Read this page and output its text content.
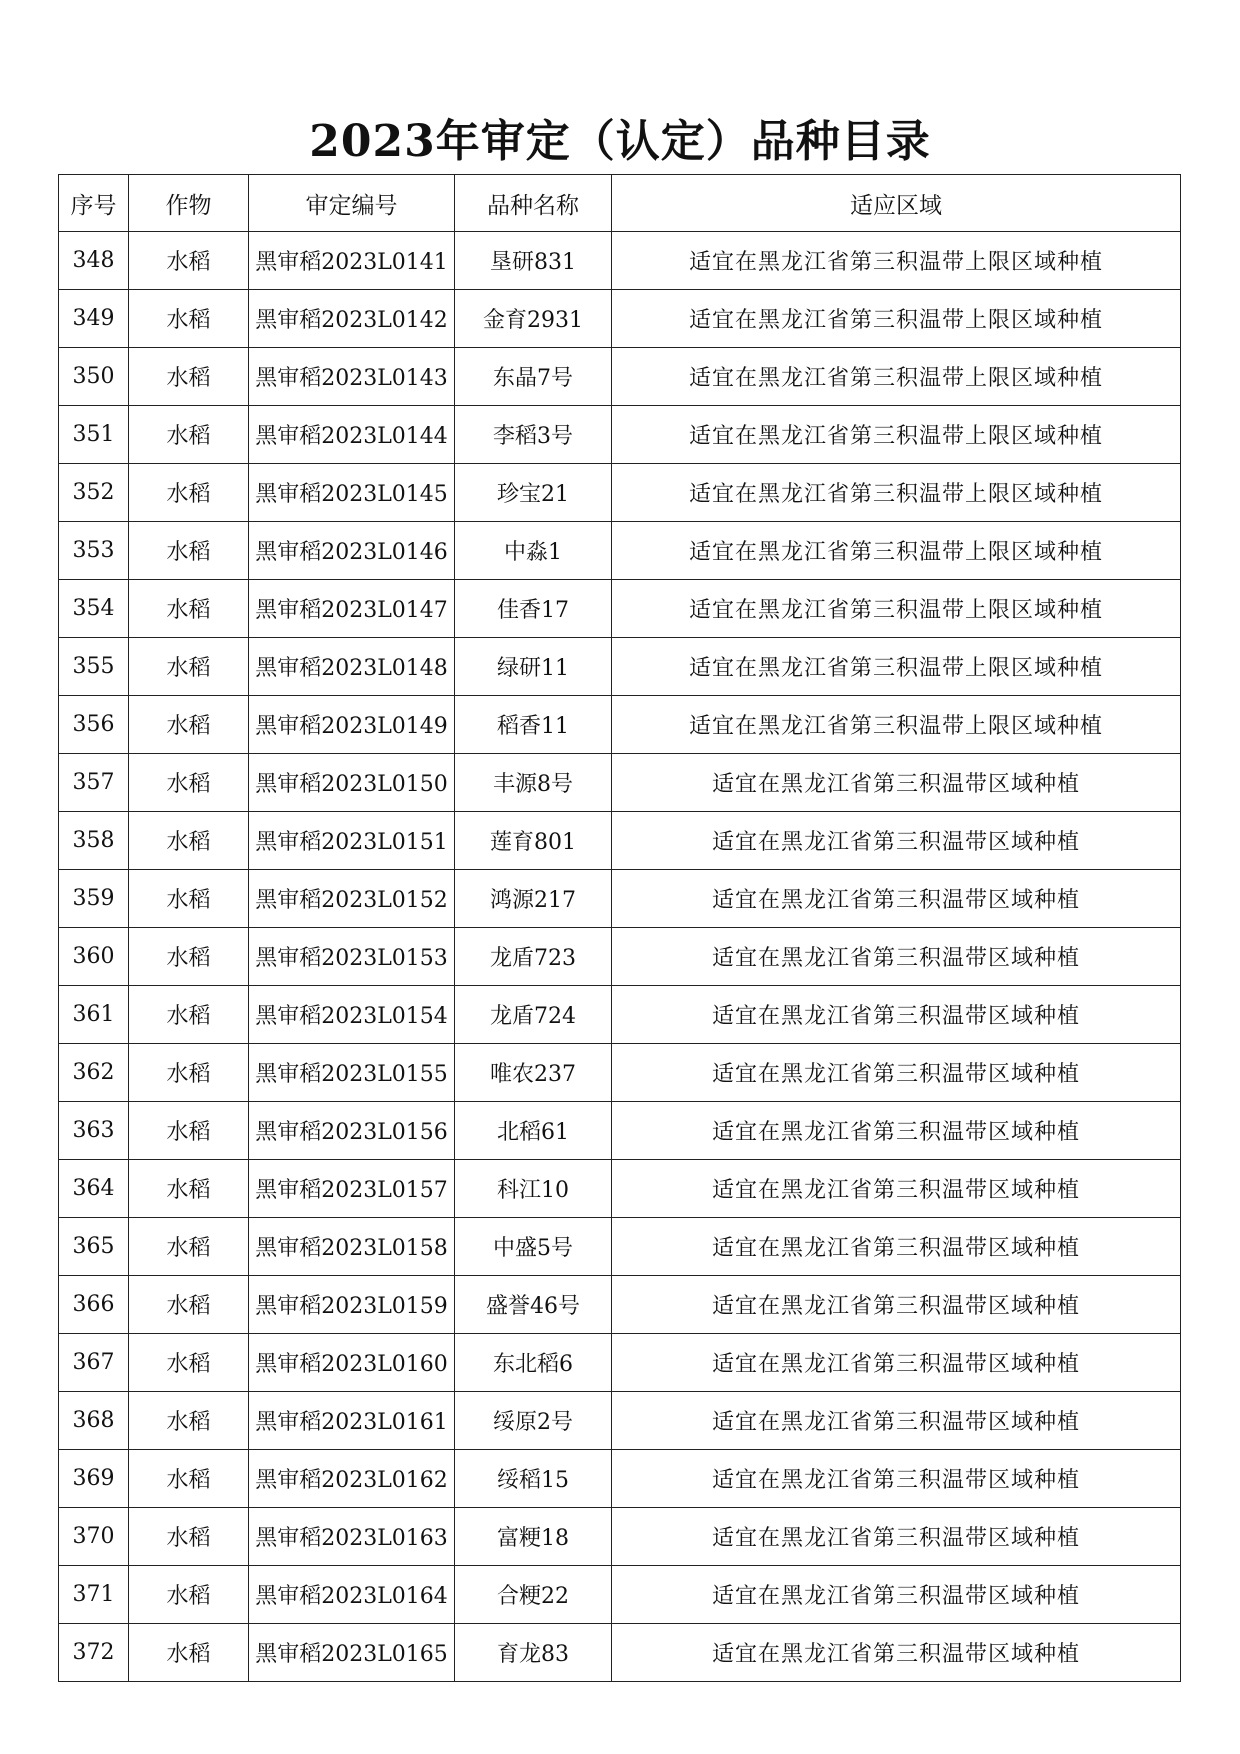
2023年审定（认定）品种目录
序号	作物	审定编号	品种名称	适应区域
348	水稻	黑审稻2023L0141	垦研831	适宜在黑龙江省第三积温带上限区域种植
349	水稻	黑审稻2023L0142	金育2931	适宜在黑龙江省第三积温带上限区域种植
350	水稻	黑审稻2023L0143	东晶7号	适宜在黑龙江省第三积温带上限区域种植
351	水稻	黑审稻2023L0144	李稻3号	适宜在黑龙江省第三积温带上限区域种植
352	水稻	黑审稻2023L0145	珍宝21	适宜在黑龙江省第三积温带上限区域种植
353	水稻	黑审稻2023L0146	中淼1	适宜在黑龙江省第三积温带上限区域种植
354	水稻	黑审稻2023L0147	佳香17	适宜在黑龙江省第三积温带上限区域种植
355	水稻	黑审稻2023L0148	绿研11	适宜在黑龙江省第三积温带上限区域种植
356	水稻	黑审稻2023L0149	稻香11	适宜在黑龙江省第三积温带上限区域种植
357	水稻	黑审稻2023L0150	丰源8号	适宜在黑龙江省第三积温带区域种植
358	水稻	黑审稻2023L0151	莲育801	适宜在黑龙江省第三积温带区域种植
359	水稻	黑审稻2023L0152	鸿源217	适宜在黑龙江省第三积温带区域种植
360	水稻	黑审稻2023L0153	龙盾723	适宜在黑龙江省第三积温带区域种植
361	水稻	黑审稻2023L0154	龙盾724	适宜在黑龙江省第三积温带区域种植
362	水稻	黑审稻2023L0155	唯农237	适宜在黑龙江省第三积温带区域种植
363	水稻	黑审稻2023L0156	北稻61	适宜在黑龙江省第三积温带区域种植
364	水稻	黑审稻2023L0157	科江10	适宜在黑龙江省第三积温带区域种植
365	水稻	黑审稻2023L0158	中盛5号	适宜在黑龙江省第三积温带区域种植
366	水稻	黑审稻2023L0159	盛誉46号	适宜在黑龙江省第三积温带区域种植
367	水稻	黑审稻2023L0160	东北稻6	适宜在黑龙江省第三积温带区域种植
368	水稻	黑审稻2023L0161	绥原2号	适宜在黑龙江省第三积温带区域种植
369	水稻	黑审稻2023L0162	绥稻15	适宜在黑龙江省第三积温带区域种植
370	水稻	黑审稻2023L0163	富粳18	适宜在黑龙江省第三积温带区域种植
371	水稻	黑审稻2023L0164	合粳22	适宜在黑龙江省第三积温带区域种植
372	水稻	黑审稻2023L0165	育龙83	适宜在黑龙江省第三积温带区域种植
